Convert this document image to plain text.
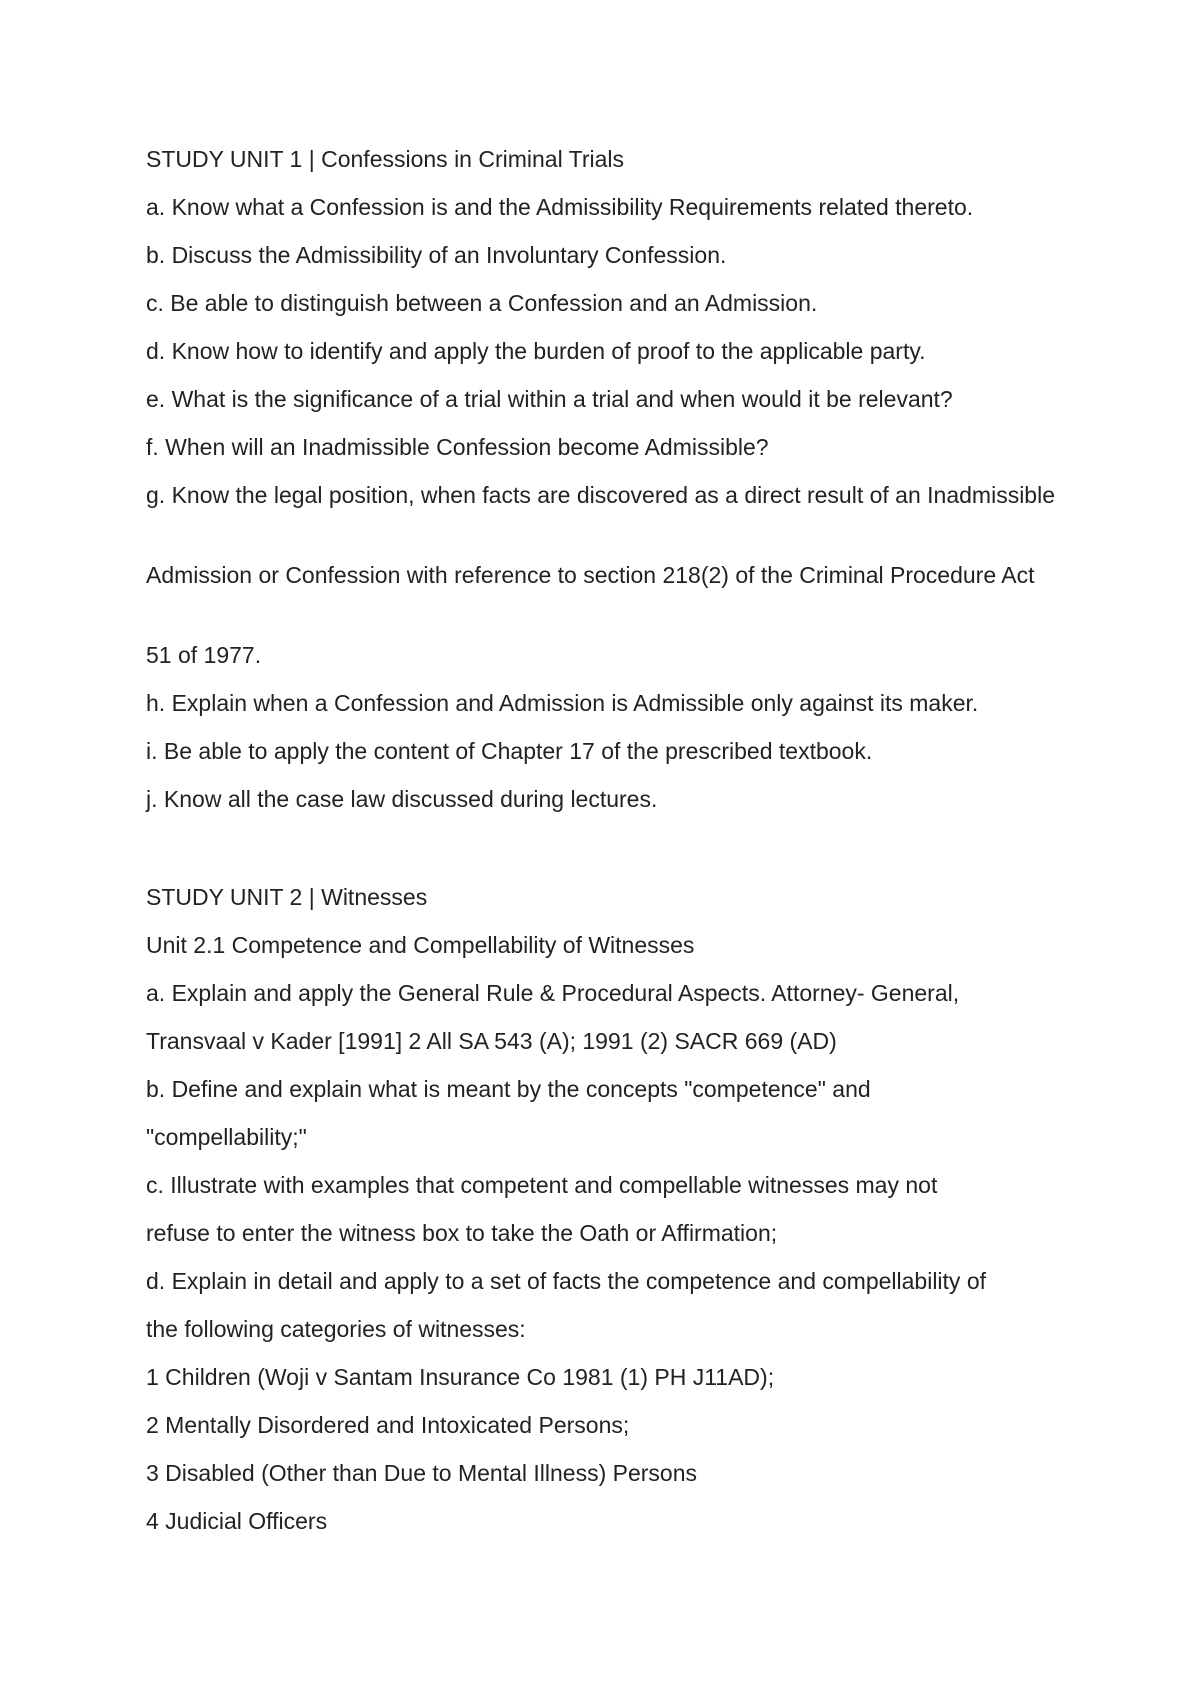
STUDY UNIT 1 | Confessions in Criminal Trials
a. Know what a Confession is and the Admissibility Requirements related thereto.
b. Discuss the Admissibility of an Involuntary Confession.
c. Be able to distinguish between a Confession and an Admission.
d. Know how to identify and apply the burden of proof to the applicable party.
e. What is the significance of a trial within a trial and when would it be relevant?
f. When will an Inadmissible Confession become Admissible?
g. Know the legal position, when facts are discovered as a direct result of an Inadmissible
Admission or Confession with reference to section 218(2) of the Criminal Procedure Act
51 of 1977.
h. Explain when a Confession and Admission is Admissible only against its maker.
i. Be able to apply the content of Chapter 17 of the prescribed textbook.
j. Know all the case law discussed during lectures.
STUDY UNIT 2 | Witnesses
Unit 2.1 Competence and Compellability of Witnesses
a. Explain and apply the General Rule & Procedural Aspects. Attorney- General,
Transvaal v Kader [1991] 2 All SA 543 (A); 1991 (2) SACR 669 (AD)
b. Define and explain what is meant by the concepts "competence" and
"compellability;"
c. Illustrate with examples that competent and compellable witnesses may not
refuse to enter the witness box to take the Oath or Affirmation;
d. Explain in detail and apply to a set of facts the competence and compellability of
the following categories of witnesses:
1 Children (Woji v Santam Insurance Co 1981 (1) PH J11AD);
2 Mentally Disordered and Intoxicated Persons;
3 Disabled (Other than Due to Mental Illness) Persons
4 Judicial Officers
